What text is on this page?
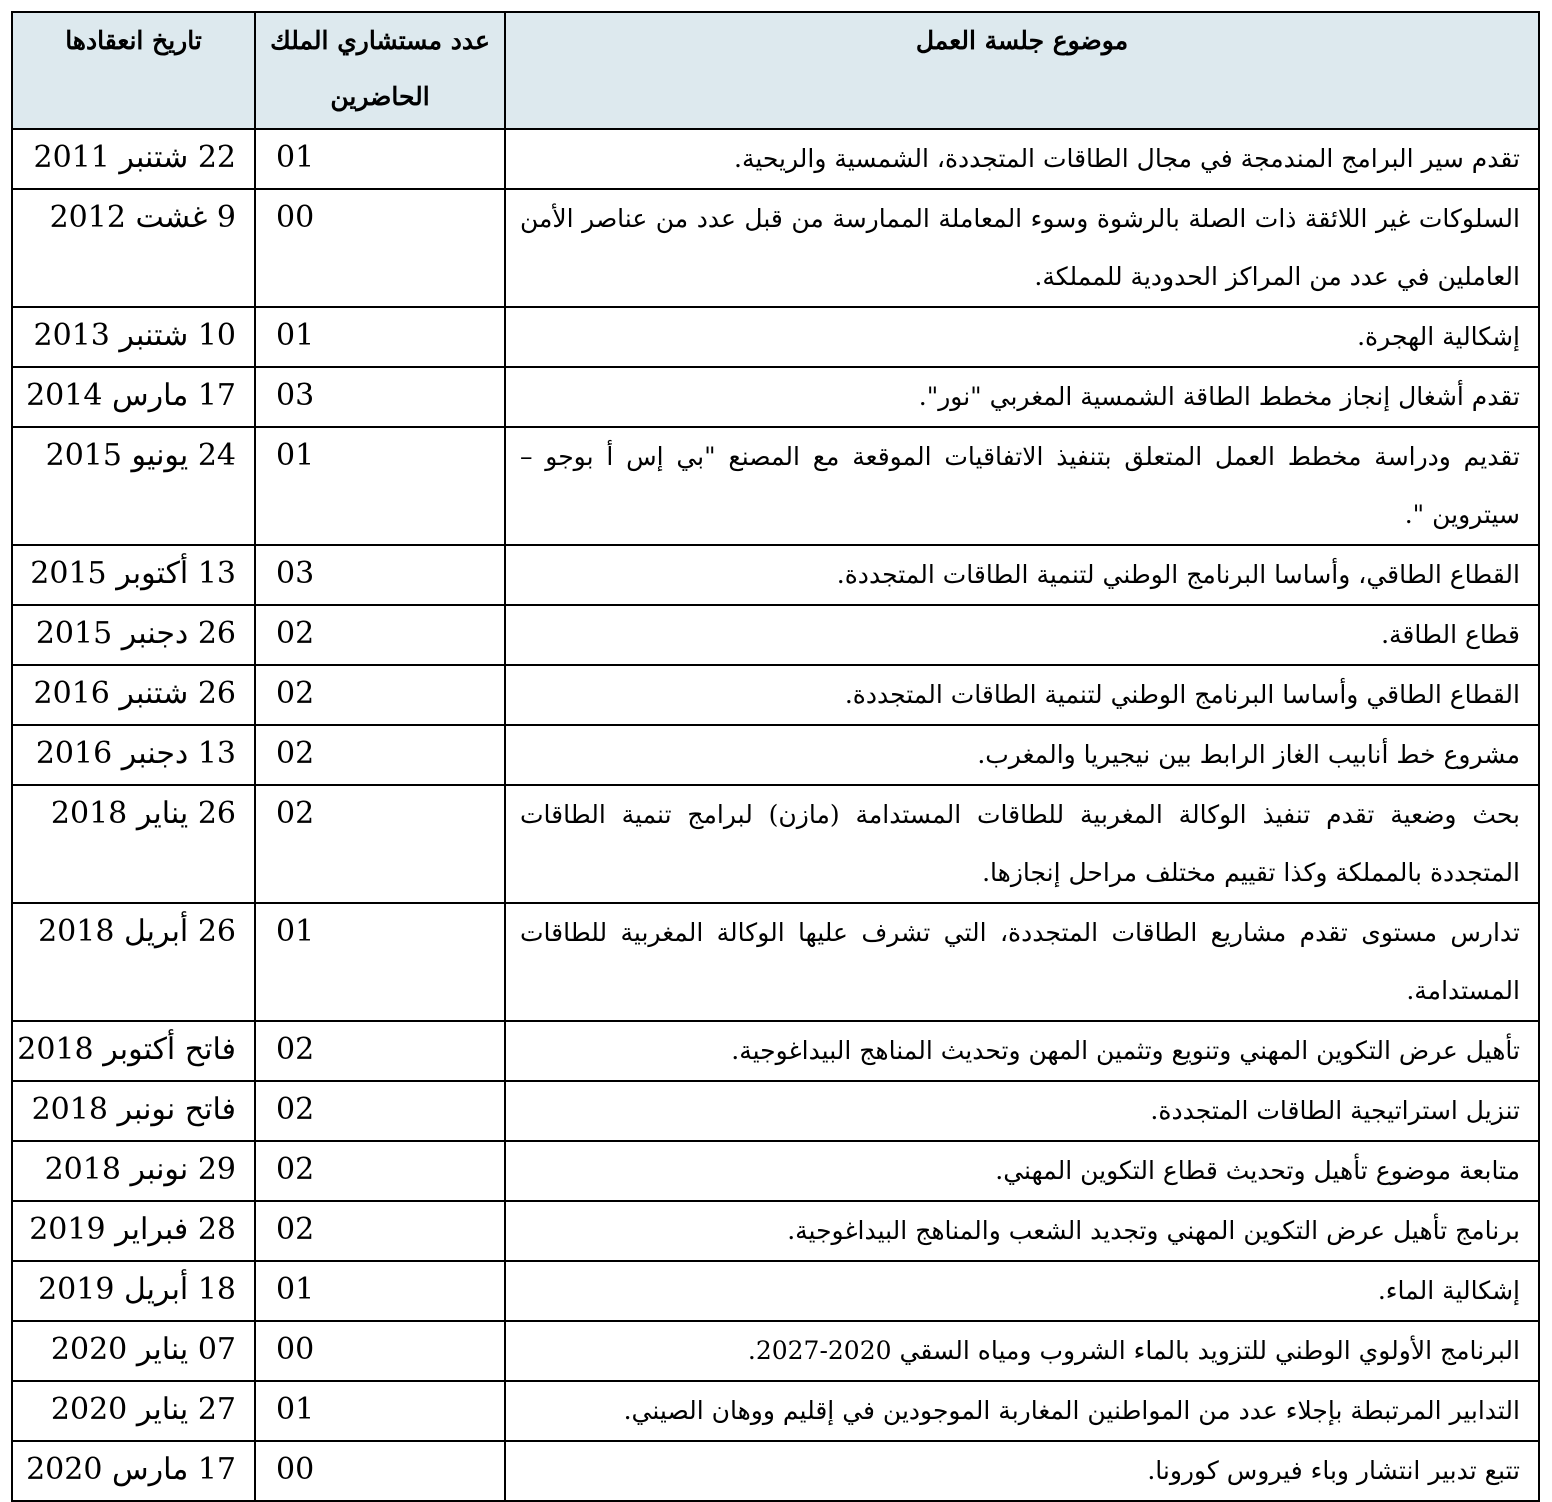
موضوع جلسة العمل	عدد مستشاري الملك الحاضرين	تاريخ انعقادها
تقدم سير البرامج المندمجة في مجال الطاقات المتجددة، الشمسية والريحية.	01	22 شتنبر 2011
السلوكات غير اللائقة ذات الصلة بالرشوة وسوء المعاملة الممارسة من قبل عدد من عناصر الأمن العاملين في عدد من المراكز الحدودية للمملكة.	00	9 غشت 2012
إشكالية الهجرة.	01	10 شتنبر 2013
تقدم أشغال إنجاز مخطط الطاقة الشمسية المغربي "نور".	03	17 مارس 2014
تقديم ودراسة مخطط العمل المتعلق بتنفيذ الاتفاقيات الموقعة مع المصنع "بي إس أ بوجو – سيتروين ".	01	24 يونيو 2015
القطاع الطاقي، وأساسا البرنامج الوطني لتنمية الطاقات المتجددة.	03	13 أكتوبر 2015
قطاع الطاقة.	02	26 دجنبر 2015
القطاع الطاقي وأساسا البرنامج الوطني لتنمية الطاقات المتجددة.	02	26 شتنبر 2016
مشروع خط أنابيب الغاز الرابط بين نيجيريا والمغرب.	02	13 دجنبر 2016
بحث وضعية تقدم تنفيذ الوكالة المغربية للطاقات المستدامة (مازن) لبرامج تنمية الطاقات المتجددة بالمملكة وكذا تقييم مختلف مراحل إنجازها.	02	26 يناير 2018
تدارس مستوى تقدم مشاريع الطاقات المتجددة، التي تشرف عليها الوكالة المغربية للطاقات المستدامة.	01	26 أبريل 2018
تأهيل عرض التكوين المهني وتنويع وتثمين المهن وتحديث المناهج البيداغوجية.	02	فاتح أكتوبر 2018
تنزيل استراتيجية الطاقات المتجددة.	02	فاتح نونبر 2018
متابعة موضوع تأهيل وتحديث قطاع التكوين المهني.	02	29 نونبر 2018
برنامج تأهيل عرض التكوين المهني وتجديد الشعب والمناهج البيداغوجية.	02	28 فبراير 2019
إشكالية الماء.	01	18 أبريل 2019
البرنامج الأولوي الوطني للتزويد بالماء الشروب ومياه السقي 2020-2027.	00	07 يناير 2020
التدابير المرتبطة بإجلاء عدد من المواطنين المغاربة الموجودين في إقليم ووهان الصيني.	01	27 يناير 2020
تتبع تدبير انتشار وباء فيروس كورونا.	00	17 مارس 2020
